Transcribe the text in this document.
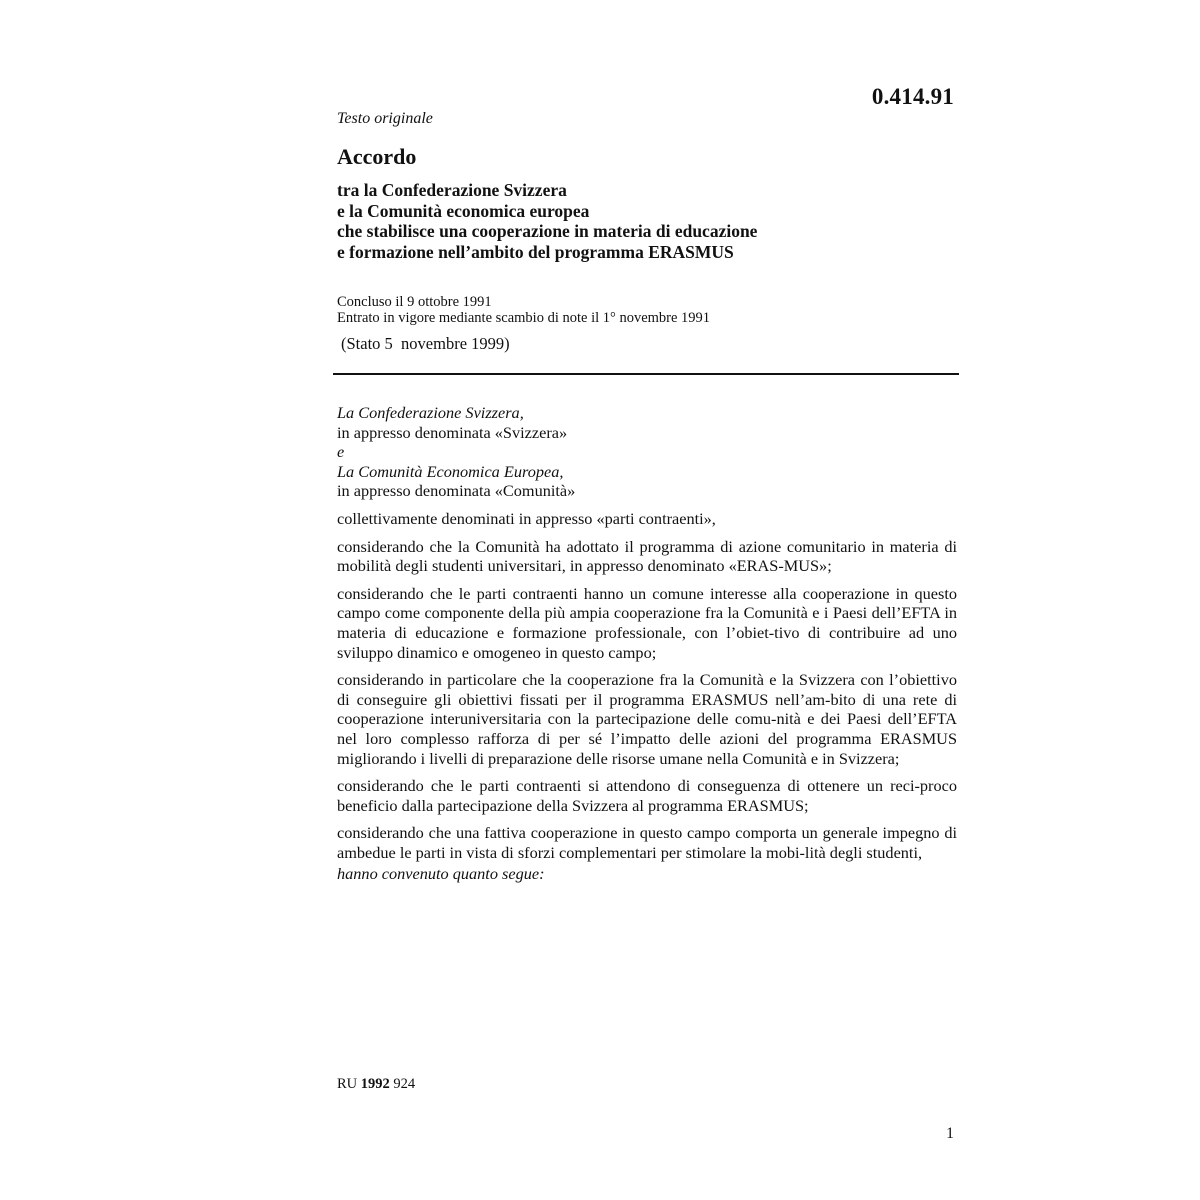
0.414.91
Testo originale
Accordo
tra la Confederazione Svizzera
e la Comunità economica europea
che stabilisce una cooperazione in materia di educazione
e formazione nell’ambito del programma ERASMUS
Concluso il 9 ottobre 1991
Entrato in vigore mediante scambio di note il 1° novembre 1991
(Stato 5  novembre 1999)
La Confederazione Svizzera,
in appresso denominata «Svizzera»
e
La Comunità Economica Europea,
in appresso denominata «Comunità»
collettivamente denominati in appresso «parti contraenti»,
considerando che la Comunità ha adottato il programma di azione comunitario in materia di mobilità degli studenti universitari, in appresso denominato «ERAS-MUS»;
considerando che le parti contraenti hanno un comune interesse alla cooperazione in questo campo come componente della più ampia cooperazione fra la Comunità e i Paesi dell’EFTA in materia di educazione e formazione professionale, con l’obiet-tivo di contribuire ad uno sviluppo dinamico e omogeneo in questo campo;
considerando in particolare che la cooperazione fra la Comunità e la Svizzera con l’obiettivo di conseguire gli obiettivi fissati per il programma ERASMUS nell’am-bito di una rete di cooperazione interuniversitaria con la partecipazione delle comu-nità e dei Paesi dell’EFTA nel loro complesso rafforza di per sé l’impatto delle azioni del programma ERASMUS migliorando i livelli di preparazione delle risorse umane nella Comunità e in Svizzera;
considerando che le parti contraenti si attendono di conseguenza di ottenere un reci-proco beneficio dalla partecipazione della Svizzera al programma ERASMUS;
considerando che una fattiva cooperazione in questo campo comporta un generale impegno di ambedue le parti in vista di sforzi complementari per stimolare la mobi-lità degli studenti,
hanno convenuto quanto segue:
RU 1992 924
1
